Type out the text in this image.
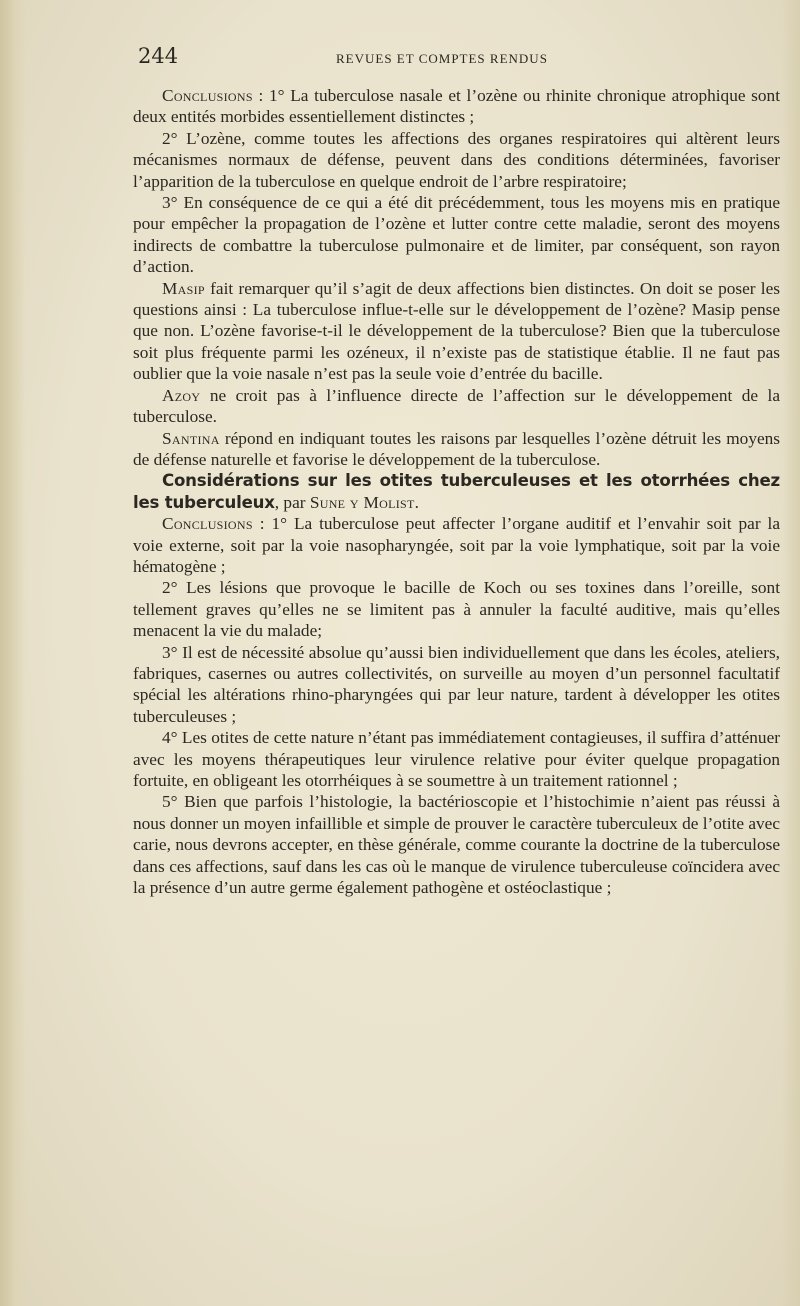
244	REVUES ET COMPTES RENDUS

Conclusions : 1° La tuberculose nasale et l’ozène ou rhinite chronique atrophique sont deux entités morbides essentiellement distinctes ;

2° L’ozène, comme toutes les affections des organes respiratoires qui altèrent leurs mécanismes normaux de défense, peuvent dans des conditions déterminées, favoriser l’apparition de la tuberculose en quelque endroit de l’arbre respiratoire;

3° En conséquence de ce qui a été dit précédemment, tous les moyens mis en pratique pour empêcher la propagation de l’ozène et lutter contre cette maladie, seront des moyens indirects de combattre la tuberculose pulmonaire et de limiter, par conséquent, son rayon d’action.

Masip fait remarquer qu’il s’agit de deux affections bien distinctes. On doit se poser les questions ainsi : La tuberculose influe-t-elle sur le développement de l’ozène? Masip pense que non. L’ozène favorise-t-il le développement de la tuberculose? Bien que la tuberculose soit plus fréquente parmi les ozéneux, il n’existe pas de statistique établie. Il ne faut pas oublier que la voie nasale n’est pas la seule voie d’entrée du bacille.

Azoy ne croit pas à l’influence directe de l’affection sur le développement de la tuberculose.

Santina répond en indiquant toutes les raisons par lesquelles l’ozène détruit les moyens de défense naturelle et favorise le développement de la tuberculose.

Considérations sur les otites tuberculeuses et les otorrhées chez les tuberculeux, par Sune y Molist.

Conclusions : 1° La tuberculose peut affecter l’organe auditif et l’envahir soit par la voie externe, soit par la voie nasopharyngée, soit par la voie lymphatique, soit par la voie hématogène ;

2° Les lésions que provoque le bacille de Koch ou ses toxines dans l’oreille, sont tellement graves qu’elles ne se limitent pas à annuler la faculté auditive, mais qu’elles menacent la vie du malade;

3° Il est de nécessité absolue qu’aussi bien individuellement que dans les écoles, ateliers, fabriques, casernes ou autres collectivités, on surveille au moyen d’un personnel facultatif spécial les altérations rhino-pharyngées qui par leur nature, tardent à développer les otites tuberculeuses ;

4° Les otites de cette nature n’étant pas immédiatement contagieuses, il suffira d’atténuer avec les moyens thérapeutiques leur virulence relative pour éviter quelque propagation fortuite, en obligeant les otorrhéiques à se soumettre à un traitement rationnel ;

5° Bien que parfois l’histologie, la bactérioscopie et l’histochimie n’aient pas réussi à nous donner un moyen infaillible et simple de prouver le caractère tuberculeux de l’otite avec carie, nous devrons accepter, en thèse générale, comme courante la doctrine de la tuberculose dans ces affections, sauf dans les cas où le manque de virulence tuberculeuse coïncidera avec la présence d’un autre germe également pathogène et ostéoclastique ;
